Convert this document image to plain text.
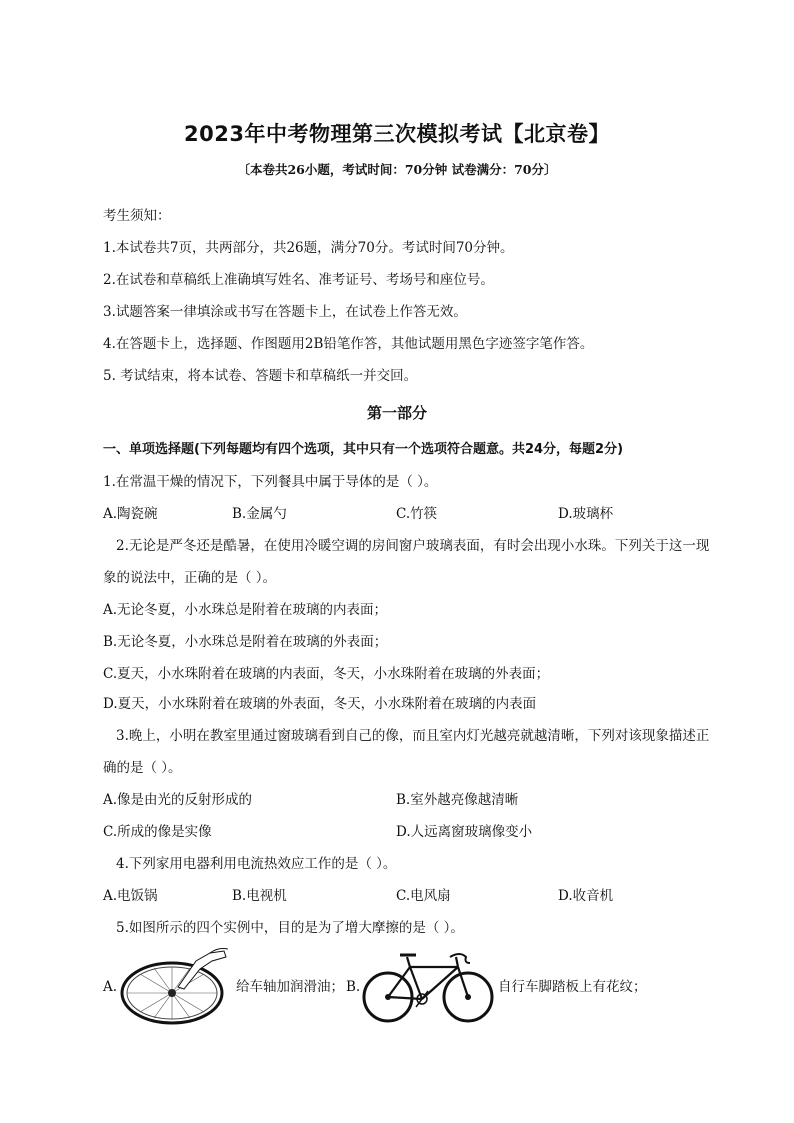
2023年中考物理第三次模拟考试【北京卷】
〔本卷共26小题，考试时间：70分钟 试卷满分：70分〕
考生须知：
1.本试卷共7页，共两部分，共26题，满分70分。考试时间70分钟。
2.在试卷和草稿纸上准确填写姓名、准考证号、考场号和座位号。
3.试题答案一律填涂或书写在答题卡上，在试卷上作答无效。
4.在答题卡上，选择题、作图题用2B铅笔作答，其他试题用黑色字迹签字笔作答。
5. 考试结束，将本试卷、答题卡和草稿纸一并交回。
第一部分
一、单项选择题(下列每题均有四个选项，其中只有一个选项符合题意。共24分，每题2分)
1.在常温干燥的情况下，下列餐具中属于导体的是（ ）。
A.陶瓷碗	B.金属勺	C.竹筷	D.玻璃杯
2.无论是严冬还是酷暑，在使用冷暖空调的房间窗户玻璃表面，有时会出现小水珠。下列关于这一现
象的说法中，正确的是（ ）。
A.无论冬夏，小水珠总是附着在玻璃的内表面；
B.无论冬夏，小水珠总是附着在玻璃的外表面；
C.夏天，小水珠附着在玻璃的内表面，冬天，小水珠附着在玻璃的外表面；
D.夏天，小水珠附着在玻璃的外表面，冬天，小水珠附着在玻璃的内表面
3.晚上，小明在教室里通过窗玻璃看到自己的像，而且室内灯光越亮就越清晰，下列对该现象描述正
确的是（ ）。
A.像是由光的反射形成的	B.室外越亮像越清晰
C.所成的像是实像	D.人远离窗玻璃像变小
4.下列家用电器利用电流热效应工作的是（ ）。
A.电饭锅	B.电视机	C.电风扇	D.收音机
5.如图所示的四个实例中，目的是为了增大摩擦的是（ ）。
A.	给车轴加润滑油； B.	自行车脚踏板上有花纹；
